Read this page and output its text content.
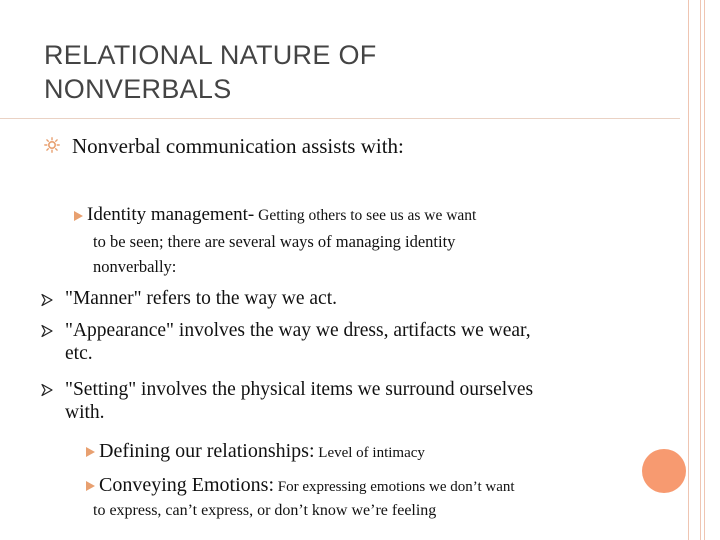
RELATIONAL NATURE OF
NONVERBALS
Nonverbal communication assists with:
Identity management- Getting others to see us as we want
to be seen; there are several ways of managing identity
nonverbally:
"Manner" refers to the way we act.
"Appearance" involves the way we dress, artifacts we wear,
etc.
"Setting" involves the physical items we surround ourselves
with.
Defining our relationships: Level of intimacy
Conveying Emotions: For expressing emotions we don’t want
to express, can’t express, or don’t know we’re feeling
